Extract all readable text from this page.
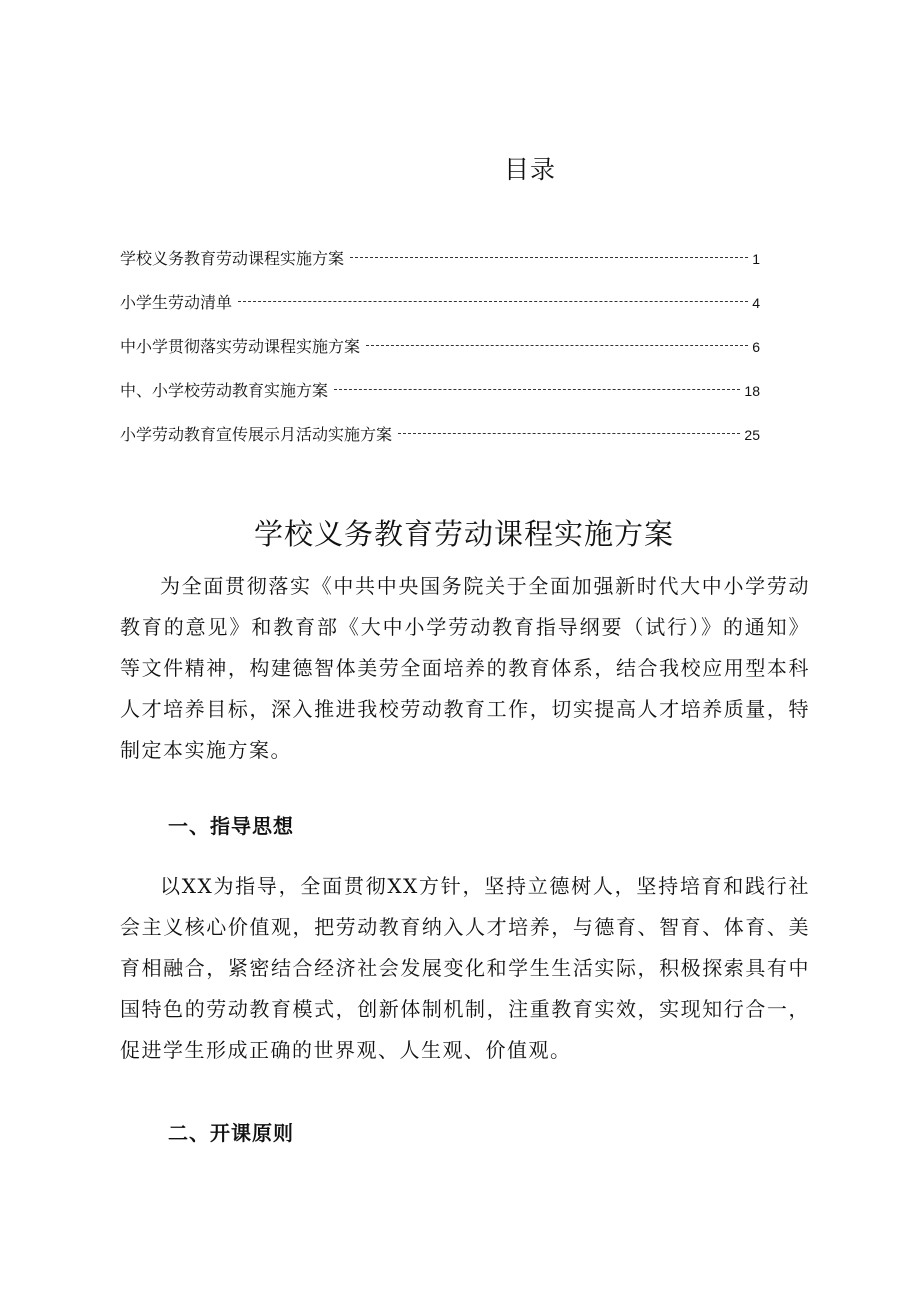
目录
学校义务教育劳动课程实施方案	1
小学生劳动清单	4
中小学贯彻落实劳动课程实施方案	6
中、小学校劳动教育实施方案	18
小学劳动教育宣传展示月活动实施方案	25
学校义务教育劳动课程实施方案

为全面贯彻落实《中共中央国务院关于全面加强新时代大中小学劳动教育的意见》和教育部《大中小学劳动教育指导纲要（试行）》的通知》等文件精神，构建德智体美劳全面培养的教育体系，结合我校应用型本科人才培养目标，深入推进我校劳动教育工作，切实提高人才培养质量，特制定本实施方案。

一、指导思想

以XX为指导，全面贯彻XX方针，坚持立德树人，坚持培育和践行社会主义核心价值观，把劳动教育纳入人才培养，与德育、智育、体育、美育相融合，紧密结合经济社会发展变化和学生生活实际，积极探索具有中国特色的劳动教育模式，创新体制机制，注重教育实效，实现知行合一，促进学生形成正确的世界观、人生观、价值观。

二、开课原则
